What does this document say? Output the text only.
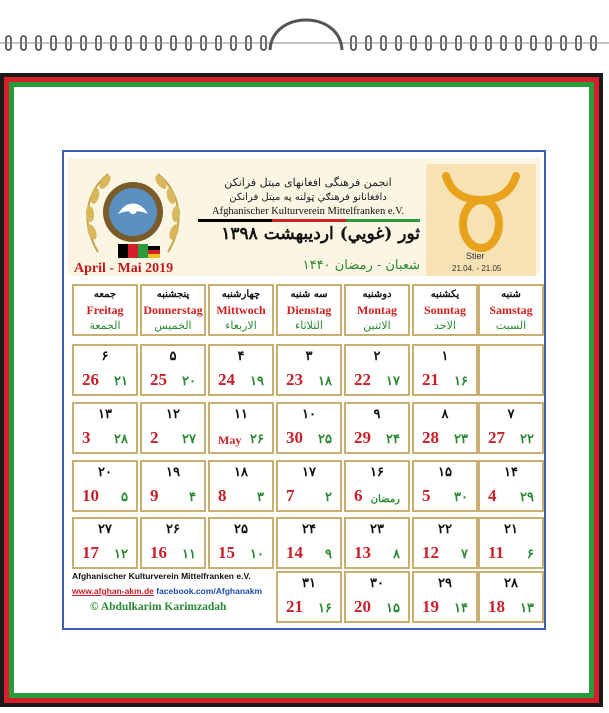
انجمن فرهنگی افغانهای میتل فرانکن
دافغانانو فرهنګي ټولنه په میتل فرانکن
Afghanischer Kulturverein Mittelfranken e.V.
ثور (غويي) اردیبهشت ۱۳۹۸
شعبان - رمضان ۱۴۴۰
April - Mai 2019
Stier
21.04. - 21.05
جمعه
Freitag
الجمعة
پنجشنبه
Donnerstag
الخميس
چهارشنبه
Mittwoch
الاربعاء
سه شنبه
Dienstag
الثلاثاء
دوشنبه
Montag
الاثنين
یکشنبه
Sonntag
الاحد
شنبه
Samstag
السبت
۶
26 ۲۱
۵
25 ۲۰
۴
24 ۱۹
۳
23 ۱۸
۲
22 ۱۷
۱
21 ۱۶
۱۳
3 ۲۸
۱۲
2 ۲۷
۱۱
May ۲۶
۱۰
30 ۲۵
۹
29 ۲۴
۸
28 ۲۳
۷
27 ۲۲
۲۰
10 ۵
۱۹
9 ۴
۱۸
8 ۳
۱۷
7 ۲
۱۶
6 رمضان
۱۵
5 ۳۰
۱۴
4 ۲۹
۲۷
17 ۱۲
۲۶
16 ۱۱
۲۵
15 ۱۰
۲۴
14 ۹
۲۳
13 ۸
۲۲
12 ۷
۲۱
11 ۶
۳۱
21 ۱۶
۳۰
20 ۱۵
۲۹
19 ۱۴
۲۸
18 ۱۳
Afghanischer Kulturverein Mittelfranken e.V.
www.afghan-akm.de facebook.com/Afghanakm
© Abdulkarim Karimzadah
